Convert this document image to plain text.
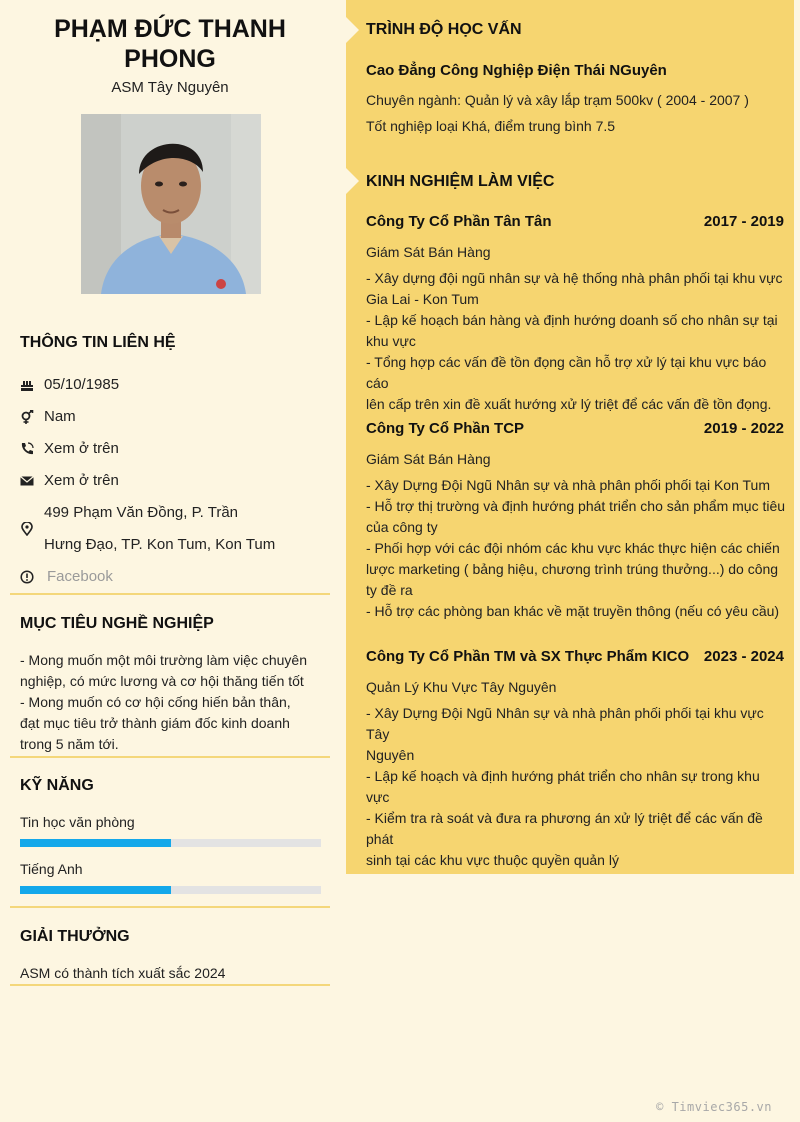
PHẠM ĐỨC THANH PHONG
ASM Tây Nguyên
THÔNG TIN LIÊN HỆ
05/10/1985
Nam
Xem ở trên
Xem ở trên
499 Phạm Văn Đồng, P. Trần
Hưng Đạo, TP. Kon Tum, Kon Tum
Facebook
MỤC TIÊU NGHỀ NGHIỆP
- Mong muốn một môi trường làm việc chuyên
nghiệp, có mức lương và cơ hội thăng tiến tốt
- Mong muốn có cơ hội cống hiến bản thân,
đạt mục tiêu trở thành giám đốc kinh doanh
trong 5 năm tới.
KỸ NĂNG
Tin học văn phòng
Tiếng Anh
GIẢI THƯỞNG
ASM có thành tích xuất sắc 2024
TRÌNH ĐỘ HỌC VẤN
Cao Đẳng Công Nghiệp Điện Thái NGuyên
Chuyên ngành: Quản lý và xây lắp trạm 500kv ( 2004 - 2007 )
Tốt nghiệp loại Khá, điểm trung bình 7.5
KINH NGHIỆM LÀM VIỆC
Công Ty Cổ Phần Tân Tân	2017 - 2019
Giám Sát Bán Hàng
- Xây dựng đội ngũ nhân sự và hệ thống nhà phân phối tại khu vực
Gia Lai - Kon Tum
- Lập kế hoạch bán hàng và định hướng doanh số cho nhân sự tại
khu vực
- Tổng hợp các vấn đề tồn đọng cần hỗ trợ xử lý tại khu vực báo cáo
lên cấp trên xin đề xuất hướng xử lý triệt để các vấn đề tồn đọng.
Công Ty Cổ Phần TCP	2019 - 2022
Giám Sát Bán Hàng
- Xây Dựng Đội Ngũ Nhân sự và nhà phân phối phối tại Kon Tum
- Hỗ trợ thị trường và định hướng phát triển cho sản phẩm mục tiêu
của công ty
- Phối hợp với các đội nhóm các khu vực khác thực hiện các chiến
lược marketing ( bảng hiệu, chương trình trúng thưởng...) do công
ty đề ra
- Hỗ trợ các phòng ban khác về mặt truyền thông (nếu có yêu cầu)
Công Ty Cổ Phần TM và SX Thực Phẩm KICO 2023 - 2024
Quản Lý Khu Vực Tây Nguyên
- Xây Dựng Đội Ngũ Nhân sự và nhà phân phối phối tại khu vực Tây
Nguyên
- Lập kế hoạch và định hướng phát triển cho nhân sự trong khu vực
- Kiểm tra rà soát và đưa ra phương án xử lý triệt để các vấn đề phát
sinh tại các khu vực thuộc quyền quản lý
© Timviec365.vn
